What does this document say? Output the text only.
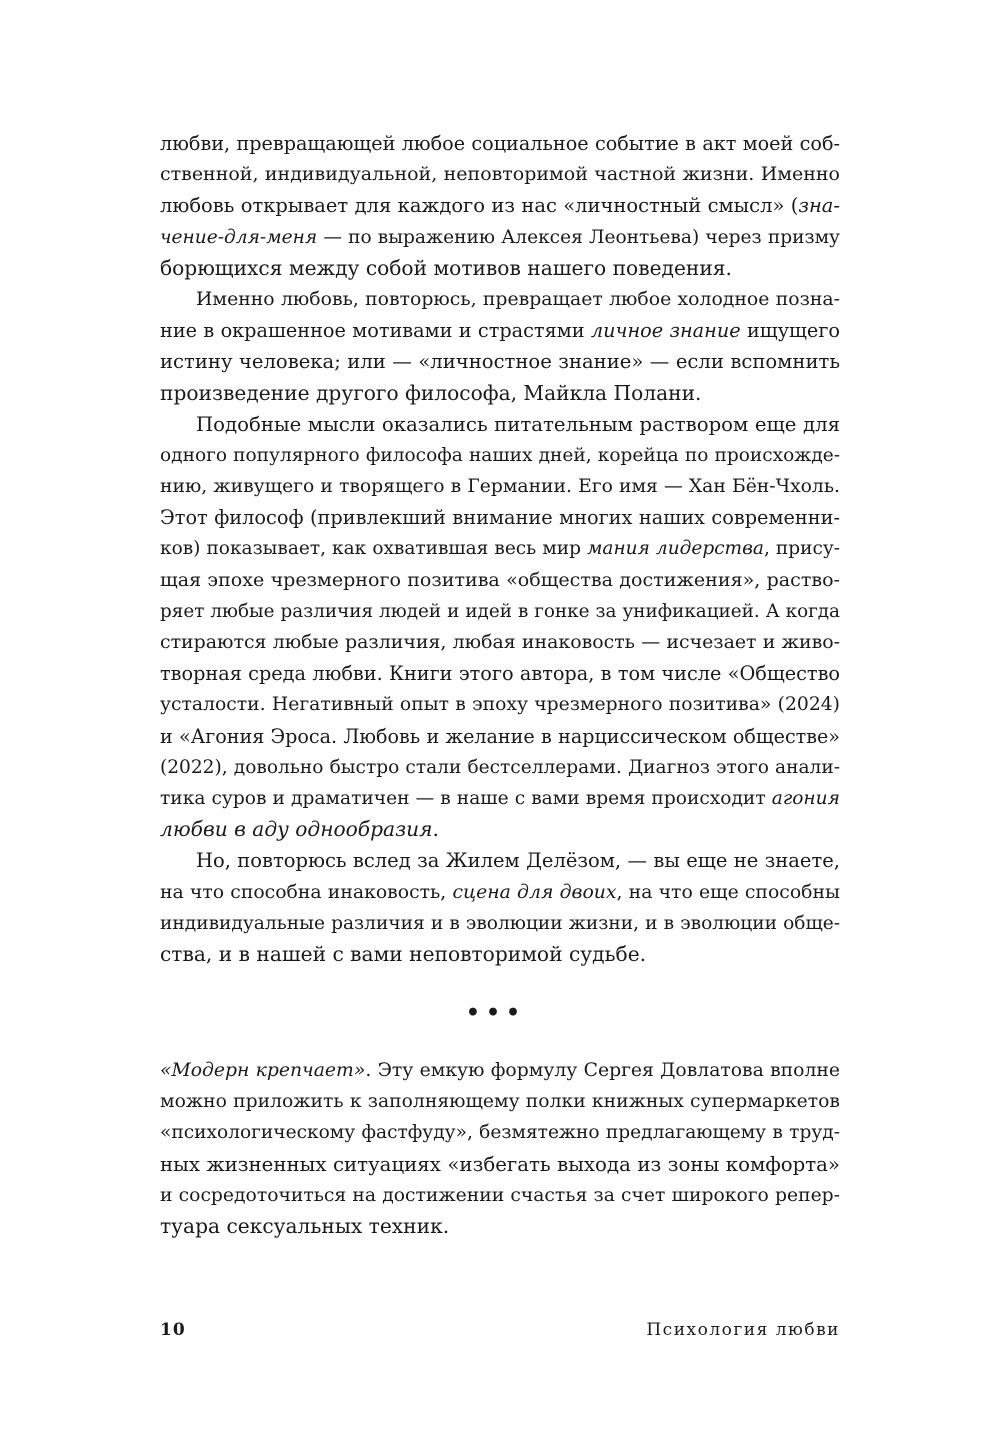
любви, превращающей любое социальное событие в акт моей соб-
ственной, индивидуальной, неповторимой частной жизни. Именно
любовь открывает для каждого из нас «личностный смысл» (зна-
чение-для-меня — по выражению Алексея Леонтьева) через призму
борющихся между собой мотивов нашего поведения.
Именно любовь, повторюсь, превращает любое холодное позна-
ние в окрашенное мотивами и страстями личное знание ищущего
истину человека; или — «личностное знание» — если вспомнить
произведение другого философа, Майкла Полани.
Подобные мысли оказались питательным раствором еще для
одного популярного философа наших дней, корейца по происхожде-
нию, живущего и творящего в Германии. Его имя — Хан Бён-Чхоль.
Этот философ (привлекший внимание многих наших современни-
ков) показывает, как охватившая весь мир мания лидерства, прису-
щая эпохе чрезмерного позитива «общества достижения», раство-
ряет любые различия людей и идей в гонке за унификацией. А когда
стираются любые различия, любая инаковость — исчезает и живо-
творная среда любви. Книги этого автора, в том числе «Общество
усталости. Негативный опыт в эпоху чрезмерного позитива» (2024)
и «Агония Эроса. Любовь и желание в нарциссическом обществе»
(2022), довольно быстро стали бестселлерами. Диагноз этого анали-
тика суров и драматичен — в наше с вами время происходит агония
любви в аду однообразия.
Но, повторюсь вслед за Жилем Делёзом, — вы еще не знаете,
на что способна инаковость, сцена для двоих, на что еще способны
индивидуальные различия и в эволюции жизни, и в эволюции обще-
ства, и в нашей с вами неповторимой судьбе.
•••
«Модерн крепчает». Эту емкую формулу Сергея Довлатова вполне
можно приложить к заполняющему полки книжных супермаркетов
«психологическому фастфуду», безмятежно предлагающему в труд-
ных жизненных ситуациях «избегать выхода из зоны комфорта»
и сосредоточиться на достижении счастья за счет широкого репер-
туара сексуальных техник.
10	Психология любви
